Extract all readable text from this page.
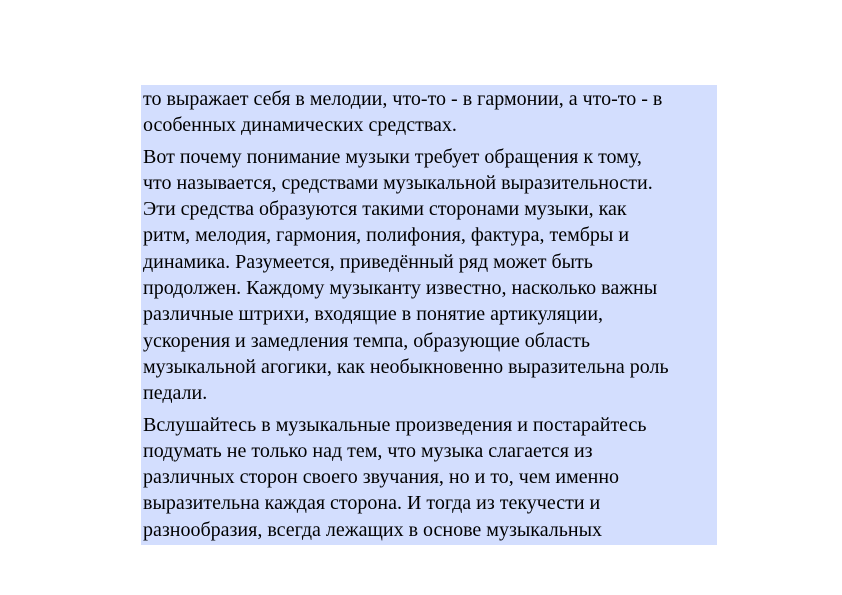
то выражает себя в мелодии, что-то - в гармонии, а что-то - в
особенных динамических средствах.

Вот почему понимание музыки требует обращения к тому,
что называется, средствами музыкальной выразительности.
Эти средства образуются такими сторонами музыки, как
ритм, мелодия, гармония, полифония, фактура, тембры и
динамика. Разумеется, приведённый ряд может быть
продолжен. Каждому музыканту известно, насколько важны
различные штрихи, входящие в понятие артикуляции,
ускорения и замедления темпа, образующие область
музыкальной агогики, как необыкновенно выразительна роль
педали.

Вслушайтесь в музыкальные произведения и постарайтесь
подумать не только над тем, что музыка слагается из
различных сторон своего звучания, но и то, чем именно
выразительна каждая сторона. И тогда из текучести и
разнообразия, всегда лежащих в основе музыкальных
